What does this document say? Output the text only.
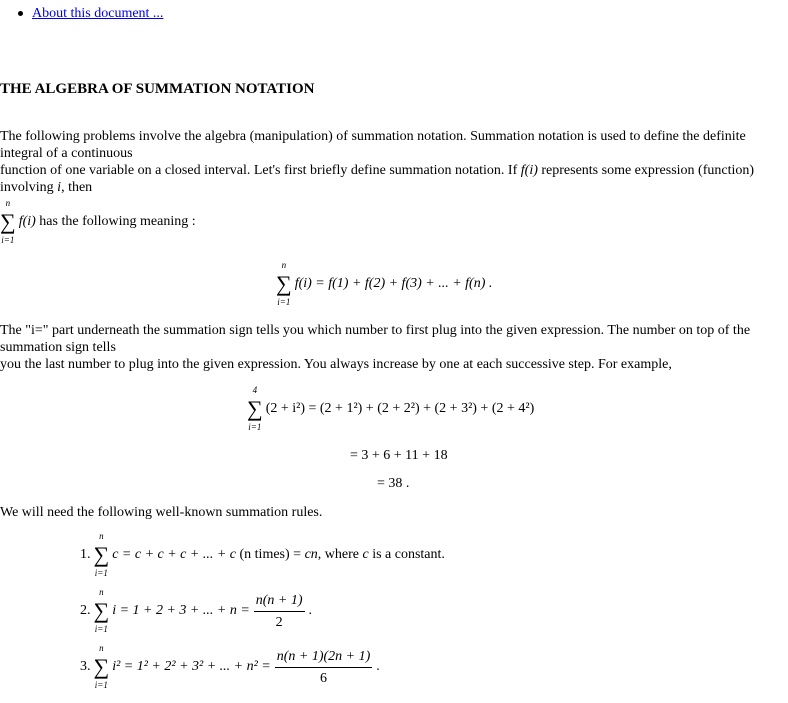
About this document ...
THE ALGEBRA OF SUMMATION NOTATION

The following problems involve the algebra (manipulation) of summation notation. Summation notation is used to define the definite integral of a continuous

function of one variable on a closed interval. Let's first briefly define summation notation. If f(i) represents some expression (function) involving i, then

n
∑
i=1
f(i) has the following meaning :
n
∑
i=1
f(i) = f(1) + f(2) + f(3) + ... + f(n) .

The "i=" part underneath the summation sign tells you which number to first plug into the given expression. The number on top of the summation sign tells

you the last number to plug into the given expression. You always increase by one at each successive step. For example,

4
∑
i=1
(2 + i²) = (2 + 1²) + (2 + 2²) + (2 + 3²) + (2 + 4²)

= 3 + 6 + 11 + 18

= 38 .

We will need the following well-known summation rules.

1.
n
∑
i=1
c = c + c + c + ... + c (n times) = cn , where c is a constant.
2.
n
∑
i=1
i = 1 + 2 + 3 + ... + $n = \frac{n(n + 1)}{2}$ .
3.
n
∑
i=1
i² = 1² + 2² + 3² + ... + $n^2 = \frac{n(n + 1)(2n + 1)}{6}$ .
